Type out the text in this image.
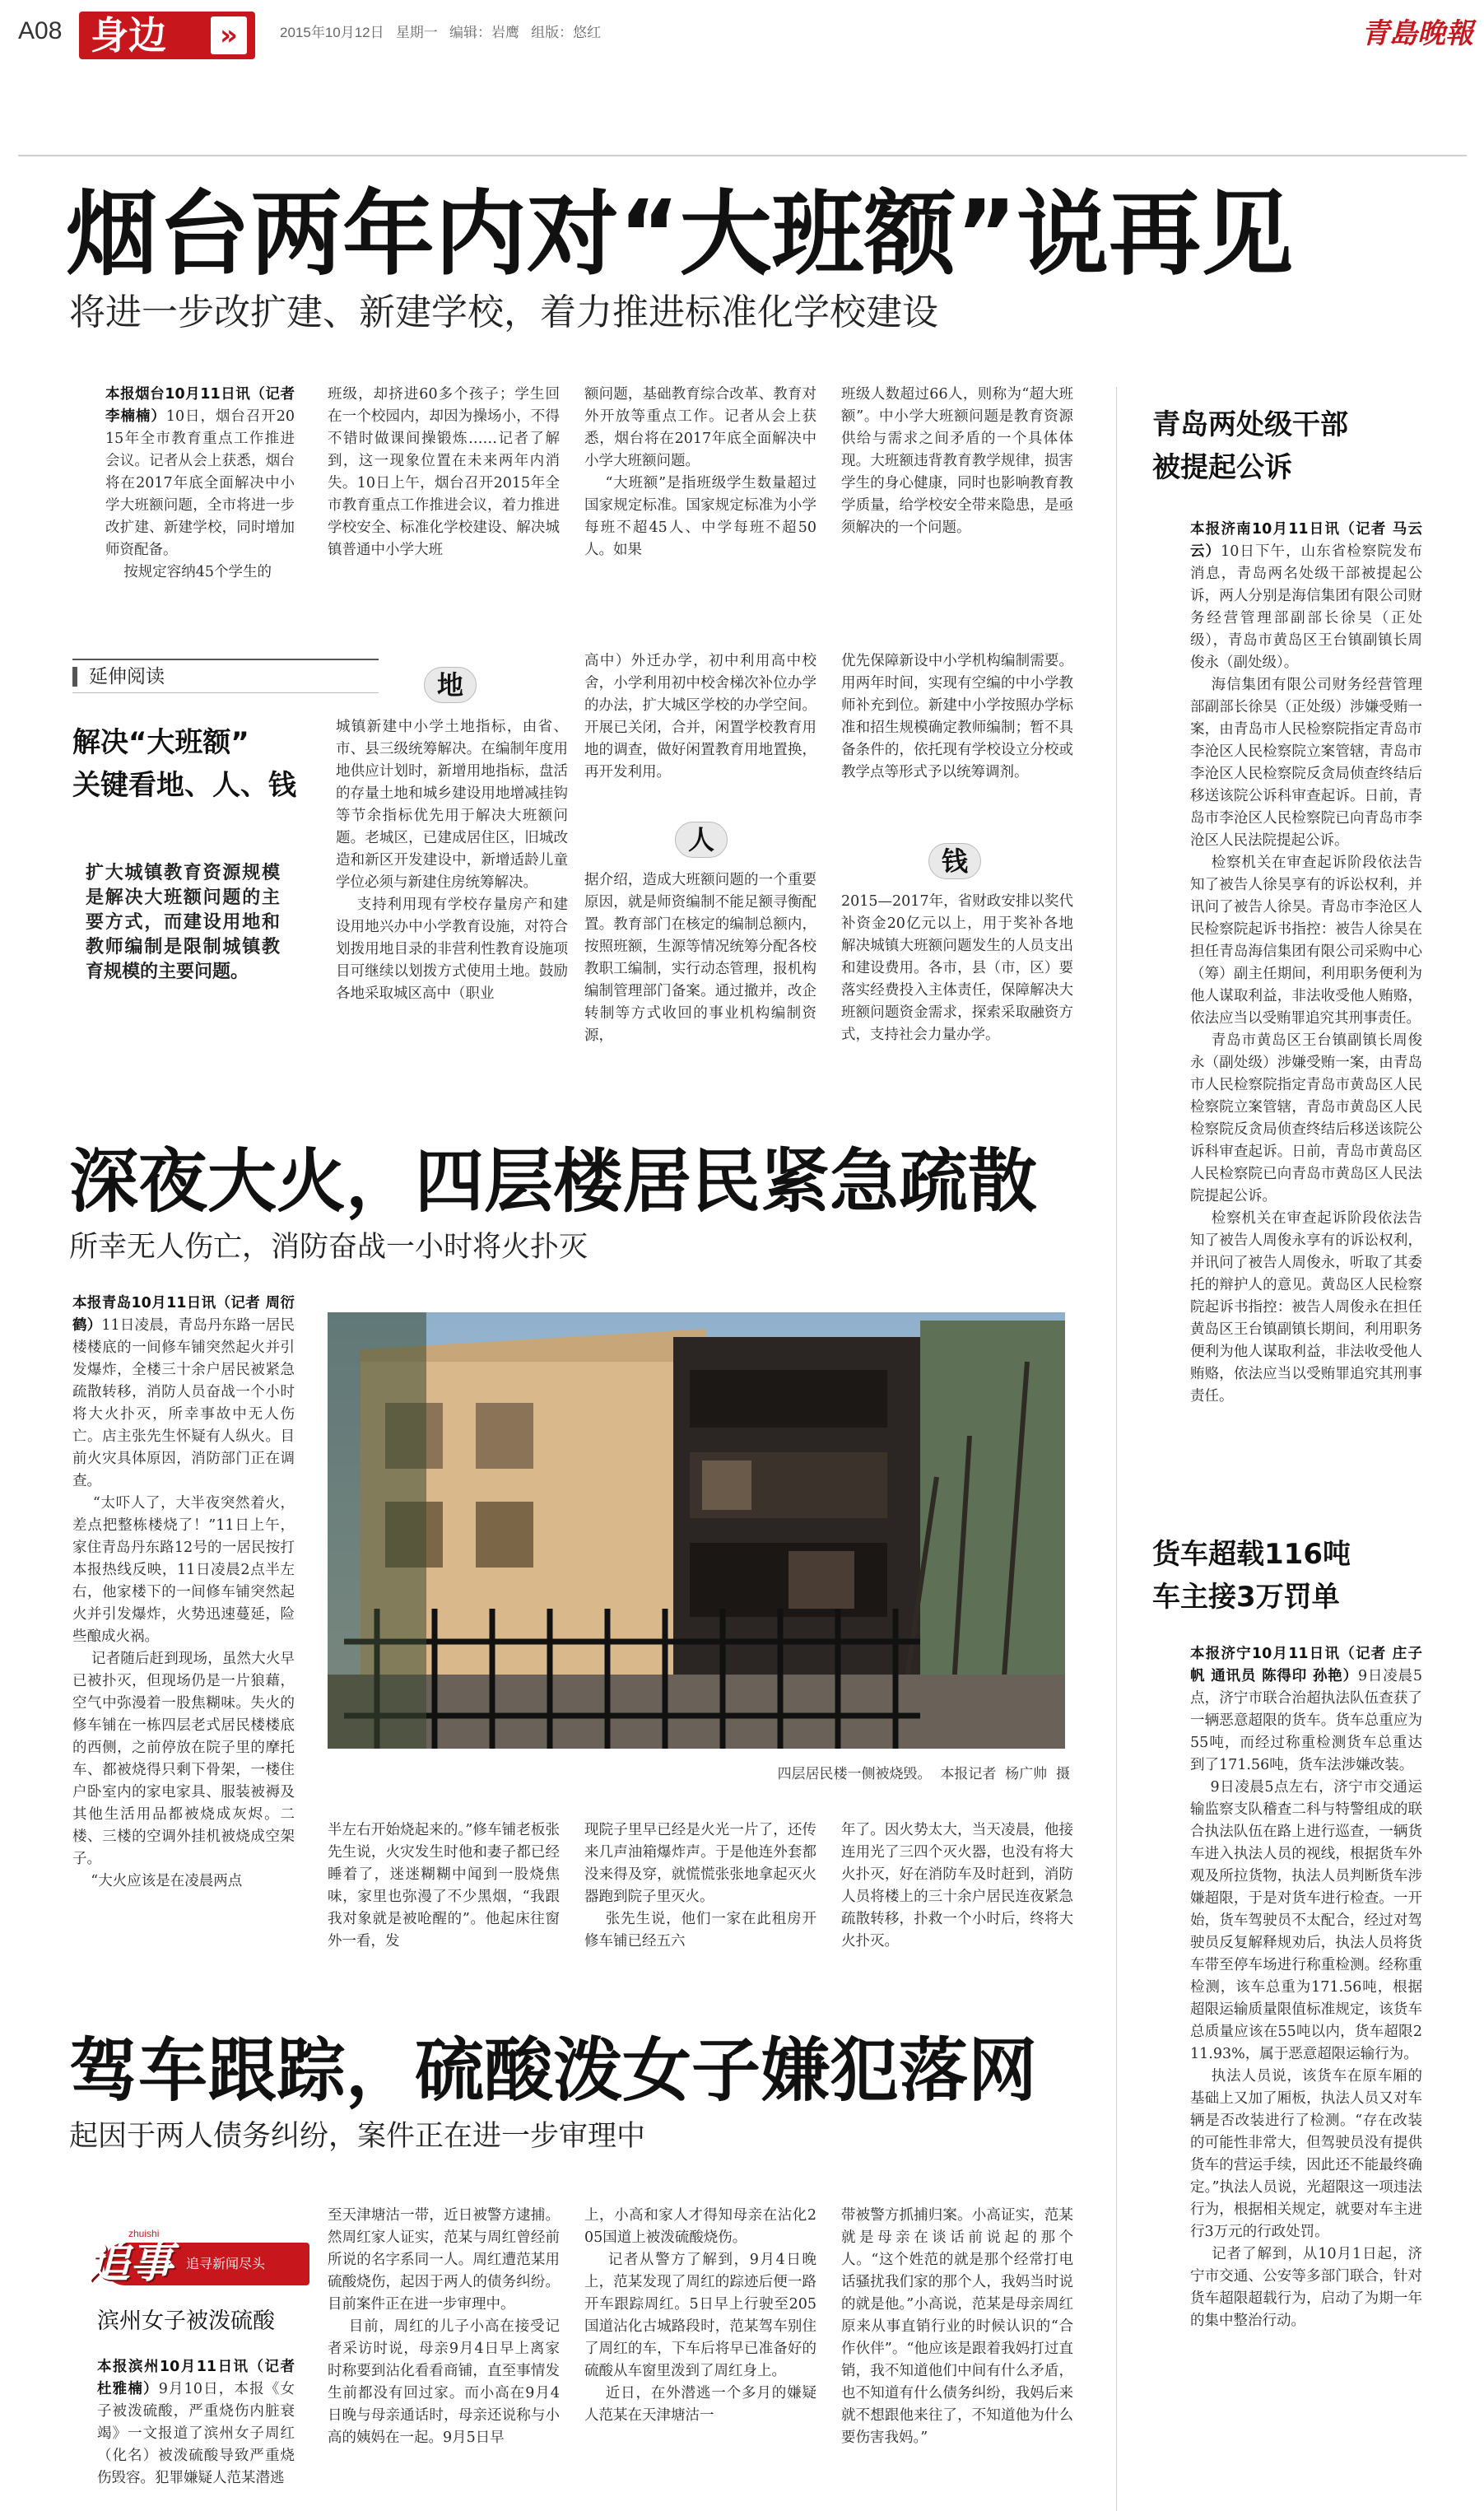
A08 身边	»	2015年10月12日 星期一 编辑：岩鹰 组版：悠红	青島晚報
烟台两年内对“大班额”说再见
将进一步改扩建、新建学校，着力推进标准化学校建设
本报烟台10月11日讯（记者 李楠楠）10日，烟台召开2015年全市教育重点工作推进会议。记者从会上获悉，烟台将在2017年底全面解决中小学大班额问题，全市将进一步改扩建、新建学校，同时增加师资配备。
按规定容纳45个学生的
班级，却挤进60多个孩子；学生回在一个校园内，却因为操场小，不得不错时做课间操锻炼……记者了解到，这一现象位置在未来两年内消失。10日上午，烟台召开2015年全市教育重点工作推进会议，着力推进学校安全、标准化学校建设、解决城镇普通中小学大班
额问题，基础教育综合改革、教育对外开放等重点工作。记者从会上获悉，烟台将在2017年底全面解决中小学大班额问题。
“大班额”是指班级学生数量超过国家规定标准。国家规定标准为小学每班不超45人、中学每班不超50人。如果
班级人数超过66人，则称为“超大班额”。中小学大班额问题是教育资源供给与需求之间矛盾的一个具体体现。大班额违背教育教学规律，损害学生的身心健康，同时也影响教育教学质量，给学校安全带来隐患，是亟须解决的一个问题。
延伸阅读
解决“大班额”
关键看地、人、钱
扩大城镇教育资源规模是解决大班额问题的主要方式，而建设用地和教师编制是限制城镇教育规模的主要问题。
地
城镇新建中小学土地指标，由省、市、县三级统筹解决。在编制年度用地供应计划时，新增用地指标，盘活的存量土地和城乡建设用地增减挂钩等节余指标优先用于解决大班额问题。老城区，已建成居住区，旧城改造和新区开发建设中，新增适龄儿童学位必须与新建住房统筹解决。
支持利用现有学校存量房产和建设用地兴办中小学教育设施，对符合划拨用地目录的非营利性教育设施项目可继续以划拨方式使用土地。鼓励各地采取城区高中（职业
高中）外迁办学，初中利用高中校舍，小学利用初中校舍梯次补位办学的办法，扩大城区学校的办学空间。开展已关闭，合并，闲置学校教育用地的调查，做好闲置教育用地置换，再开发利用。
人
据介绍，造成大班额问题的一个重要原因，就是师资编制不能足额寻衡配置。教育部门在核定的编制总额内，按照班额，生源等情况统筹分配各校教职工编制，实行动态管理，报机构编制管理部门备案。通过撤并，改企转制等方式收回的事业机构编制资源，
优先保障新设中小学机构编制需要。用两年时间，实现有空编的中小学教师补充到位。新建中小学按照办学标准和招生规模确定教师编制；暂不具备条件的，依托现有学校设立分校或教学点等形式予以统筹调剂。
钱
2015—2017年，省财政安排以奖代补资金20亿元以上，用于奖补各地解决城镇大班额问题发生的人员支出和建设费用。各市，县（市，区）要落实经费投入主体责任，保障解决大班额问题资金需求，探索采取融资方式，支持社会力量办学。
深夜大火，四层楼居民紧急疏散
所幸无人伤亡，消防奋战一小时将火扑灭
本报青岛10月11日讯（记者 周衍鹤）11日凌晨，青岛丹东路一居民楼楼底的一间修车铺突然起火并引发爆炸，全楼三十余户居民被紧急疏散转移，消防人员奋战一个小时将大火扑灭，所幸事故中无人伤亡。店主张先生怀疑有人纵火。目前火灾具体原因，消防部门正在调查。
“太吓人了，大半夜突然着火，差点把整栋楼烧了！”11日上午，家住青岛丹东路12号的一居民按打本报热线反映，11日凌晨2点半左右，他家楼下的一间修车铺突然起火并引发爆炸，火势迅速蔓延，险些酿成火祸。
记者随后赶到现场，虽然大火早已被扑灭，但现场仍是一片狼藉，空气中弥漫着一股焦糊味。失火的修车铺在一栋四层老式居民楼楼底的西侧，之前停放在院子里的摩托车、都被烧得只剩下骨架，一楼住户卧室内的家电家具、服装被褥及其他生活用品都被烧成灰烬。二楼、三楼的空调外挂机被烧成空架子。
“大火应该是在凌晨两点
四层居民楼一侧被烧毁。  本报记者  杨广帅  摄
半左右开始烧起来的。”修车铺老板张先生说，火灾发生时他和妻子都已经睡着了，迷迷糊糊中闻到一股烧焦味，家里也弥漫了不少黑烟，“我跟我对象就是被呛醒的”。他起床往窗外一看，发
现院子里早已经是火光一片了，还传来几声油箱爆炸声。于是他连外套都没来得及穿，就慌慌张张地拿起灭火器跑到院子里灭火。
张先生说，他们一家在此租房开修车铺已经五六
年了。因火势太大，当天凌晨，他接连用光了三四个灭火器，也没有将大火扑灭，好在消防车及时赶到，消防人员将楼上的三十余户居民连夜紧急疏散转移，扑救一个小时后，终将大火扑灭。
青岛两处级干部
被提起公诉
本报济南10月11日讯（记者 马云云）10日下午，山东省检察院发布消息，青岛两名处级干部被提起公诉，两人分别是海信集团有限公司财务经营管理部副部长徐昊（正处级），青岛市黄岛区王台镇副镇长周俊永（副处级）。
海信集团有限公司财务经营管理部副部长徐昊（正处级）涉嫌受贿一案，由青岛市人民检察院指定青岛市李沧区人民检察院立案管辖，青岛市李沧区人民检察院反贪局侦查终结后移送该院公诉科审查起诉。日前，青岛市李沧区人民检察院已向青岛市李沧区人民法院提起公诉。
检察机关在审查起诉阶段依法告知了被告人徐昊享有的诉讼权利，并讯问了被告人徐昊。青岛市李沧区人民检察院起诉书指控：被告人徐昊在担任青岛海信集团有限公司采购中心（筹）副主任期间，利用职务便利为他人谋取利益，非法收受他人贿赂，依法应当以受贿罪追究其刑事责任。
青岛市黄岛区王台镇副镇长周俊永（副处级）涉嫌受贿一案，由青岛市人民检察院指定青岛市黄岛区人民检察院立案管辖，青岛市黄岛区人民检察院反贪局侦查终结后移送该院公诉科审查起诉。日前，青岛市黄岛区人民检察院已向青岛市黄岛区人民法院提起公诉。
检察机关在审查起诉阶段依法告知了被告人周俊永享有的诉讼权利，并讯问了被告人周俊永，听取了其委托的辩护人的意见。黄岛区人民检察院起诉书指控：被告人周俊永在担任黄岛区王台镇副镇长期间，利用职务便利为他人谋取利益，非法收受他人贿赂，依法应当以受贿罪追究其刑事责任。
货车超载116吨
车主接3万罚单
本报济宁10月11日讯（记者 庄子帆 通讯员 陈得印 孙艳）9日凌晨5点，济宁市联合治超执法队伍查获了一辆恶意超限的货车。货车总重应为55吨，而经过称重检测货车总重达到了171.56吨，货车法涉嫌改装。
9日凌晨5点左右，济宁市交通运输监察支队稽查二科与特警组成的联合执法队伍在路上进行巡查，一辆货车进入执法人员的视线，根据货车外观及所拉货物，执法人员判断货车涉嫌超限，于是对货车进行检查。一开始，货车驾驶员不太配合，经过对驾驶员反复解释规劝后，执法人员将货车带至停车场进行称重检测。经称重检测，该车总重为171.56吨，根据超限运输质量限值标准规定，该货车总质量应该在55吨以内，货车超限211.93%，属于恶意超限运输行为。
执法人员说，该货车在原车厢的基础上又加了厢板，执法人员又对车辆是否改装进行了检测。“存在改装的可能性非常大，但驾驶员没有提供货车的营运手续，因此还不能最终确定。”执法人员说，光超限这一项违法行为，根据相关规定，就要对车主进行3万元的行政处罚。
记者了解到，从10月1日起，济宁市交通、公安等多部门联合，针对货车超限超载行为，启动了为期一年的集中整治行动。
驾车跟踪，硫酸泼女子嫌犯落网
起因于两人债务纠纷，案件正在进一步审理中
zhuishi
追事 追寻新闻尽头
滨州女子被泼硫酸
本报滨州10月11日讯（记者 杜雅楠）9月10日，本报《女子被泼硫酸，严重烧伤内脏衰竭》一文报道了滨州女子周红（化名）被泼硫酸导致严重烧伤毁容。犯罪嫌疑人范某潜逃
至天津塘沽一带，近日被警方逮捕。然周红家人证实，范某与周红曾经前所说的名字系同一人。周红遭范某用硫酸烧伤，起因于两人的债务纠纷。目前案件正在进一步审理中。
目前，周红的儿子小高在接受记者采访时说，母亲9月4日早上离家时称要到沾化看看商铺，直至事情发生前都没有回过家。而小高在9月4日晚与母亲通话时，母亲还说称与小高的姨妈在一起。9月5日早
上，小高和家人才得知母亲在沾化205国道上被泼硫酸烧伤。
记者从警方了解到，9月4日晚上，范某发现了周红的踪迹后便一路开车跟踪周红。5日早上行驶至205国道沾化古城路段时，范某驾车别住了周红的车，下车后将早已准备好的硫酸从车窗里泼到了周红身上。
近日，在外潜逃一个多月的嫌疑人范某在天津塘沽一
带被警方抓捕归案。小高证实，范某就是母亲在谈话前说起的那个人。“这个姓范的就是那个经常打电话骚扰我们家的那个人，我妈当时说的就是他。”小高说，范某是母亲周红原来从事直销行业的时候认识的“合作伙伴”。“他应该是跟着我妈打过直销，我不知道他们中间有什么矛盾，也不知道有什么债务纠纷，我妈后来就不想跟他来往了，不知道他为什么要伤害我妈。”
